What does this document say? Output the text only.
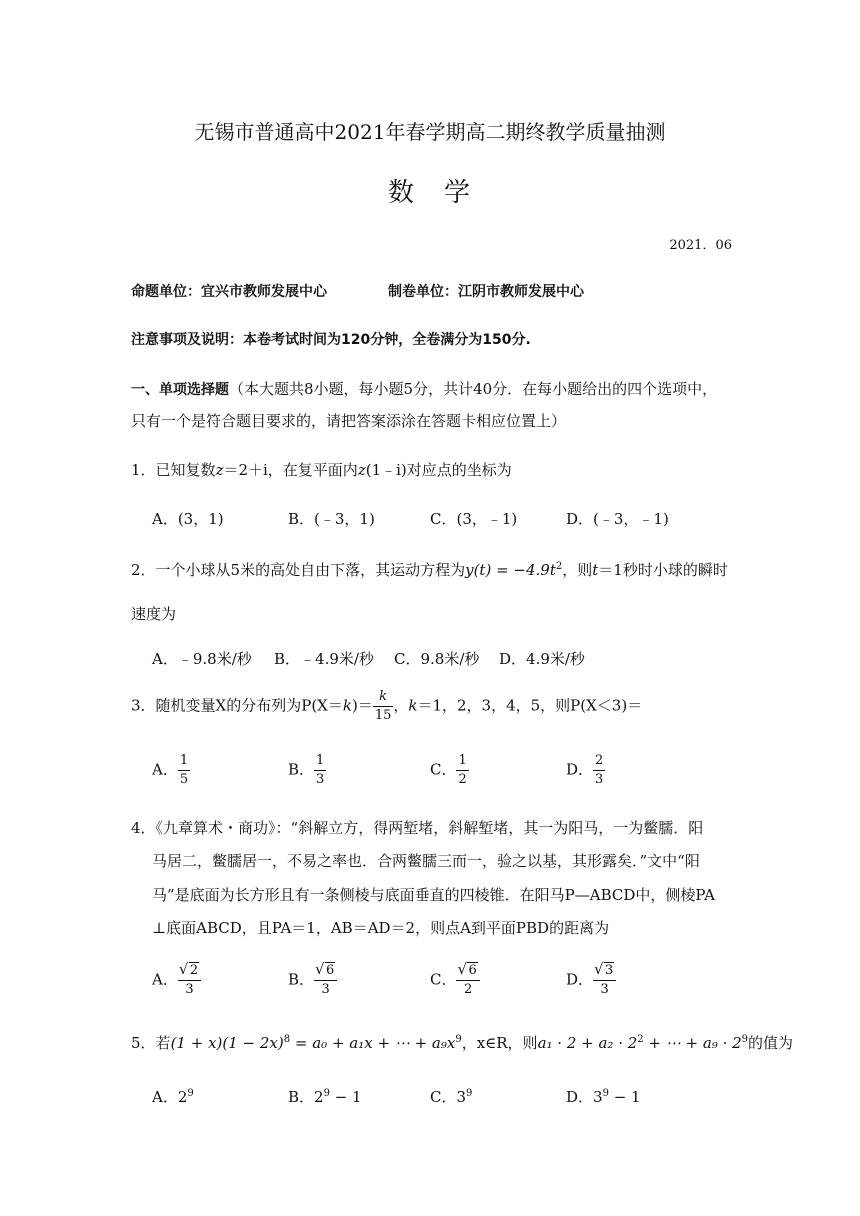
无锡市普通高中2021年春学期高二期终教学质量抽测
数　学
2021．06
命题单位：宜兴市教师发展中心	制卷单位：江阴市教师发展中心
注意事项及说明：本卷考试时间为120分钟，全卷满分为150分.
一、单项选择题（本大题共8小题，每小题5分，共计40分．在每小题给出的四个选项中，
只有一个是符合题目要求的，请把答案添涂在答题卡相应位置上）
1．已知复数z＝2＋i，在复平面内z(1﹣i)对应点的坐标为
A．(3，1)	B．(﹣3，1)	C．(3，﹣1)	D．(﹣3，﹣1)
2．一个小球从5米的高处自由下落，其运动方程为$y(t) = -4.9t^2$，则t＝1秒时小球的瞬时
速度为
A．﹣9.8米/秒 B．﹣4.9米/秒 C．9.8米/秒 D．4.9米/秒
3．随机变量X的分布列为$P(X=k)= \frac{k}{15}$ ，k＝1，2，3，4，5，则P(X＜3)＝
A． $\frac{1}{5}$	B． $\frac{1}{3}$	C． $\frac{1}{2}$	D． $\frac{2}{3}$
4．《九章算术・商功》：“斜解立方，得两堑堵，斜解堑堵，其一为阳马，一为鳖臑．阳
马居二，鳖臑居一，不易之率也．合两鳖臑三而一，验之以基，其形露矣．”文中“阳
马”是底面为长方形且有一条侧棱与底面垂直的四棱锥．在阳马P—ABCD中，侧棱PA
⊥底面ABCD，且PA＝1，AB＝AD＝2，则点A到平面PBD的距离为
A． $\frac{√ 2}{3}$	B． $\frac{√ 6}{3}$	C． $\frac{√ 6}{2}$	D． $\frac{√ 3}{3}$
5．若$(1 + x)(1 - 2x)^8 = a_0 + a_1x$ + ⋯ + $a_9x^9$，x∈R，则$a_1 \cdot 2 + a_2 \cdot 2^2$ + ⋯ + $a_9 \cdot 2^9$的值为
A．$2^9$	B．$2^9 - 1$	C．$3^9$	D．$3^9 - 1$
